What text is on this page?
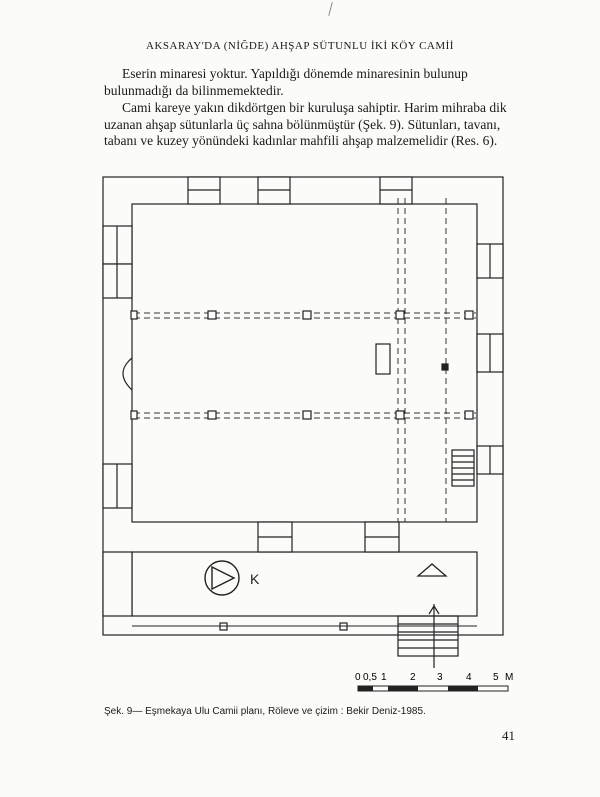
AKSARAY'DA (NİĞDE) AHŞAP SÜTUNLU İKİ KÖY CAMİİ

Eserin minaresi yoktur. Yapıldığı dönemde minaresinin bulunup bulunmadığı da bilinmemektedir.

Cami kareye yakın dikdörtgen bir kuruluşa sahiptir. Harim mihraba dik uzanan ahşap sütunlarla üç sahna bölünmüştür (Şek. 9). Sütunları, tavanı, tabanı ve kuzey yönündeki kadınlar mahfili ahşap malzemelidir (Res. 6).

K
0 0,5 1 2 3 4 5 M
Şek. 9— Eşmekaya Ulu Camii planı, Röleve ve çizim : Bekir Deniz-1985.
41
